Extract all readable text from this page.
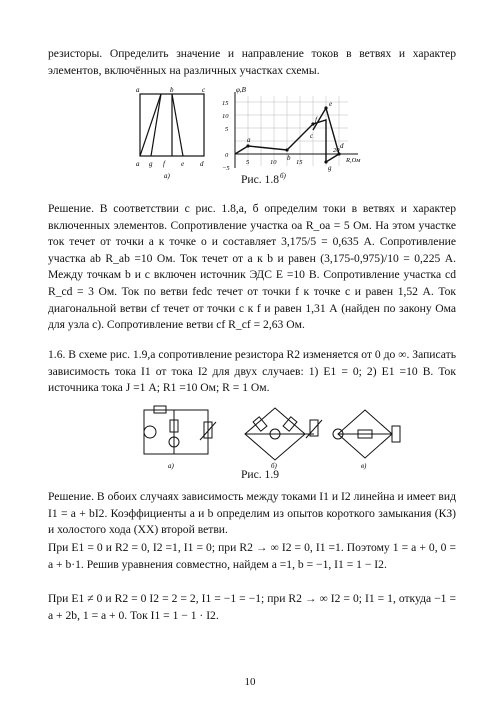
резисторы. Определить значение и направление токов в ветвях и характер элементов, включённых на различных участках схемы.

a	b	c
a g f e d
а)
φ,В
15
10
5
0
−5
5	10	15
20
R,Ом
e
f
a	c
d
g
b
б)
Рис. 1.8

Решение. В соответствии с рис. 1.8,а, б определим токи в ветвях и характер включенных элементов. Сопротивление участка oa R_oa = 5 Ом. На этом участке ток течет от точки a к точке o и составляет 3,175/5 = 0,635 А. Сопротивление участка ab R_ab =10 Ом. Ток течет от a к b и равен (3,175-0,975)/10 = 0,225 А. Между точкам b и c включен источник ЭДС E =10 В. Сопротивление участка cd R_cd = 3 Ом. Ток по ветви fedc течет от точки f к точке c и равен 1,52 А. Ток диагональной ветви cf течет от точки c к f и равен 1,31 А (найден по закону Ома для узла c). Сопротивление ветви cf R_cf = 2,63 Ом.

1.6. В схеме рис. 1.9,а сопротивление резистора R2 изменяется от 0 до ∞. Записать зависимость тока I1 от тока I2 для двух случаев: 1) E1 = 0; 2) E1 =10 В. Ток источника тока J =1 А; R1 =10 Ом; R = 1 Ом.

а)	б)	в)
Рис. 1.9

Решение. В обоих случаях зависимость между токами I1 и I2 линейна и имеет вид I1 = a + bI2. Коэффициенты a и b определим из опытов короткого замыкания (КЗ) и холостого хода (ХХ) второй ветви.

При E1 = 0 и R2 = 0, I2 =1, I1 = 0; при R2 → ∞ I2 = 0, I1 =1. Поэтому 1 = a + 0, 0 = a + b·1. Решив уравнения совместно, найдем a =1, b = −1, I1 = 1 − I2.

При E1 ≠ 0 и R2 = 0 I2 = 2 = 2, I1 = −1 = −1; при R2 → ∞ I2 = 0; I1 = 1, откуда −1 = a + 2b, 1 = a + 0. Ток I1 = 1 − 1 · I2.

10
